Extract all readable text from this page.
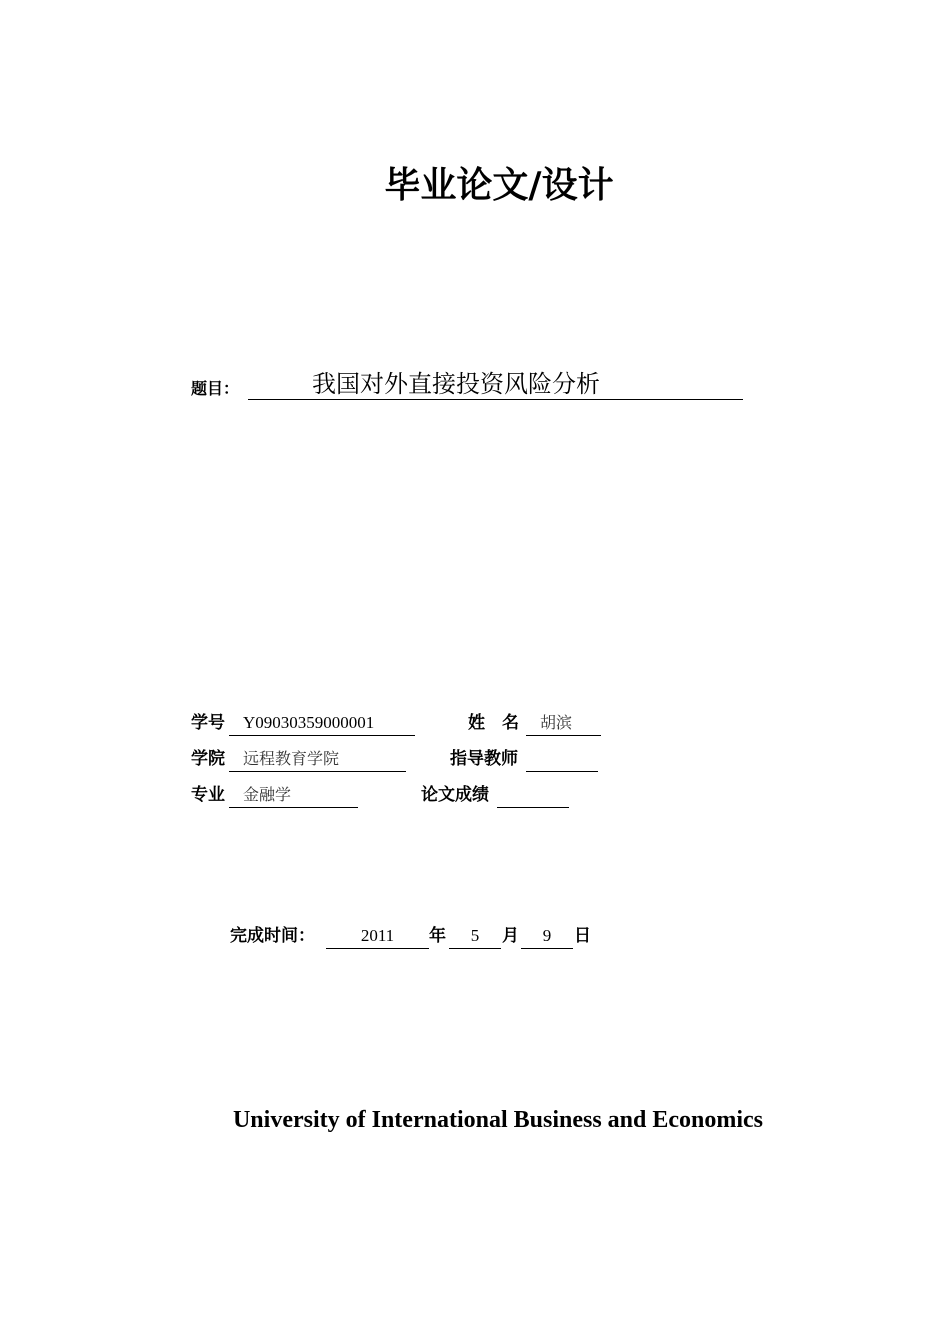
毕业论文/设计
题目：	我国对外直接投资风险分析
学号	Y09030359000001	姓　名	胡滨
学院	远程教育学院	指导教师
专业	金融学	论文成绩
完成时间：	2011	年	5	月	9	日
University of International Business and Economics
